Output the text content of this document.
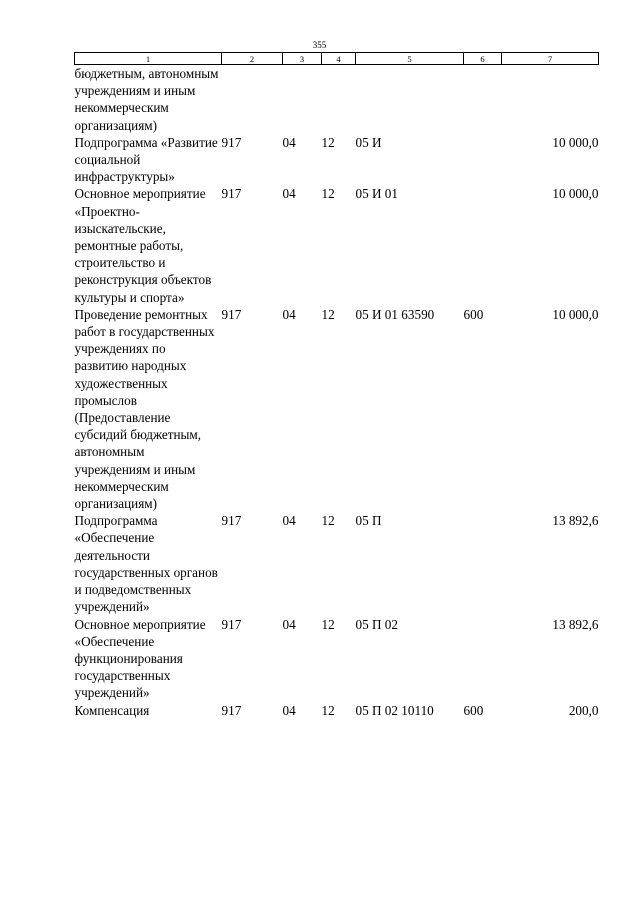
355
1	2	3	4	5	6	7
бюджетным, автономным учреждениям и иным некоммерческим организациям)						
Подпрограмма «Развитие социальной инфраструктуры»	917	04	12	05 И		10 000,0
Основное мероприятие «Проектно-изыскательские, ремонтные работы, строительство и реконструкция объектов культуры и спорта»	917	04	12	05 И 01		10 000,0
Проведение ремонтных работ в государственных учреждениях по развитию народных художественных промыслов (Предоставление субсидий бюджетным, автономным учреждениям и иным некоммерческим организациям)	917	04	12	05 И 01 63590	600	10 000,0
Подпрограмма «Обеспечение деятельности государственных органов и подведомственных учреждений»	917	04	12	05 П		13 892,6
Основное мероприятие «Обеспечение функционирования государственных учреждений»	917	04	12	05 П 02		13 892,6
Компенсация	917	04	12	05 П 02 10110	600	200,0
